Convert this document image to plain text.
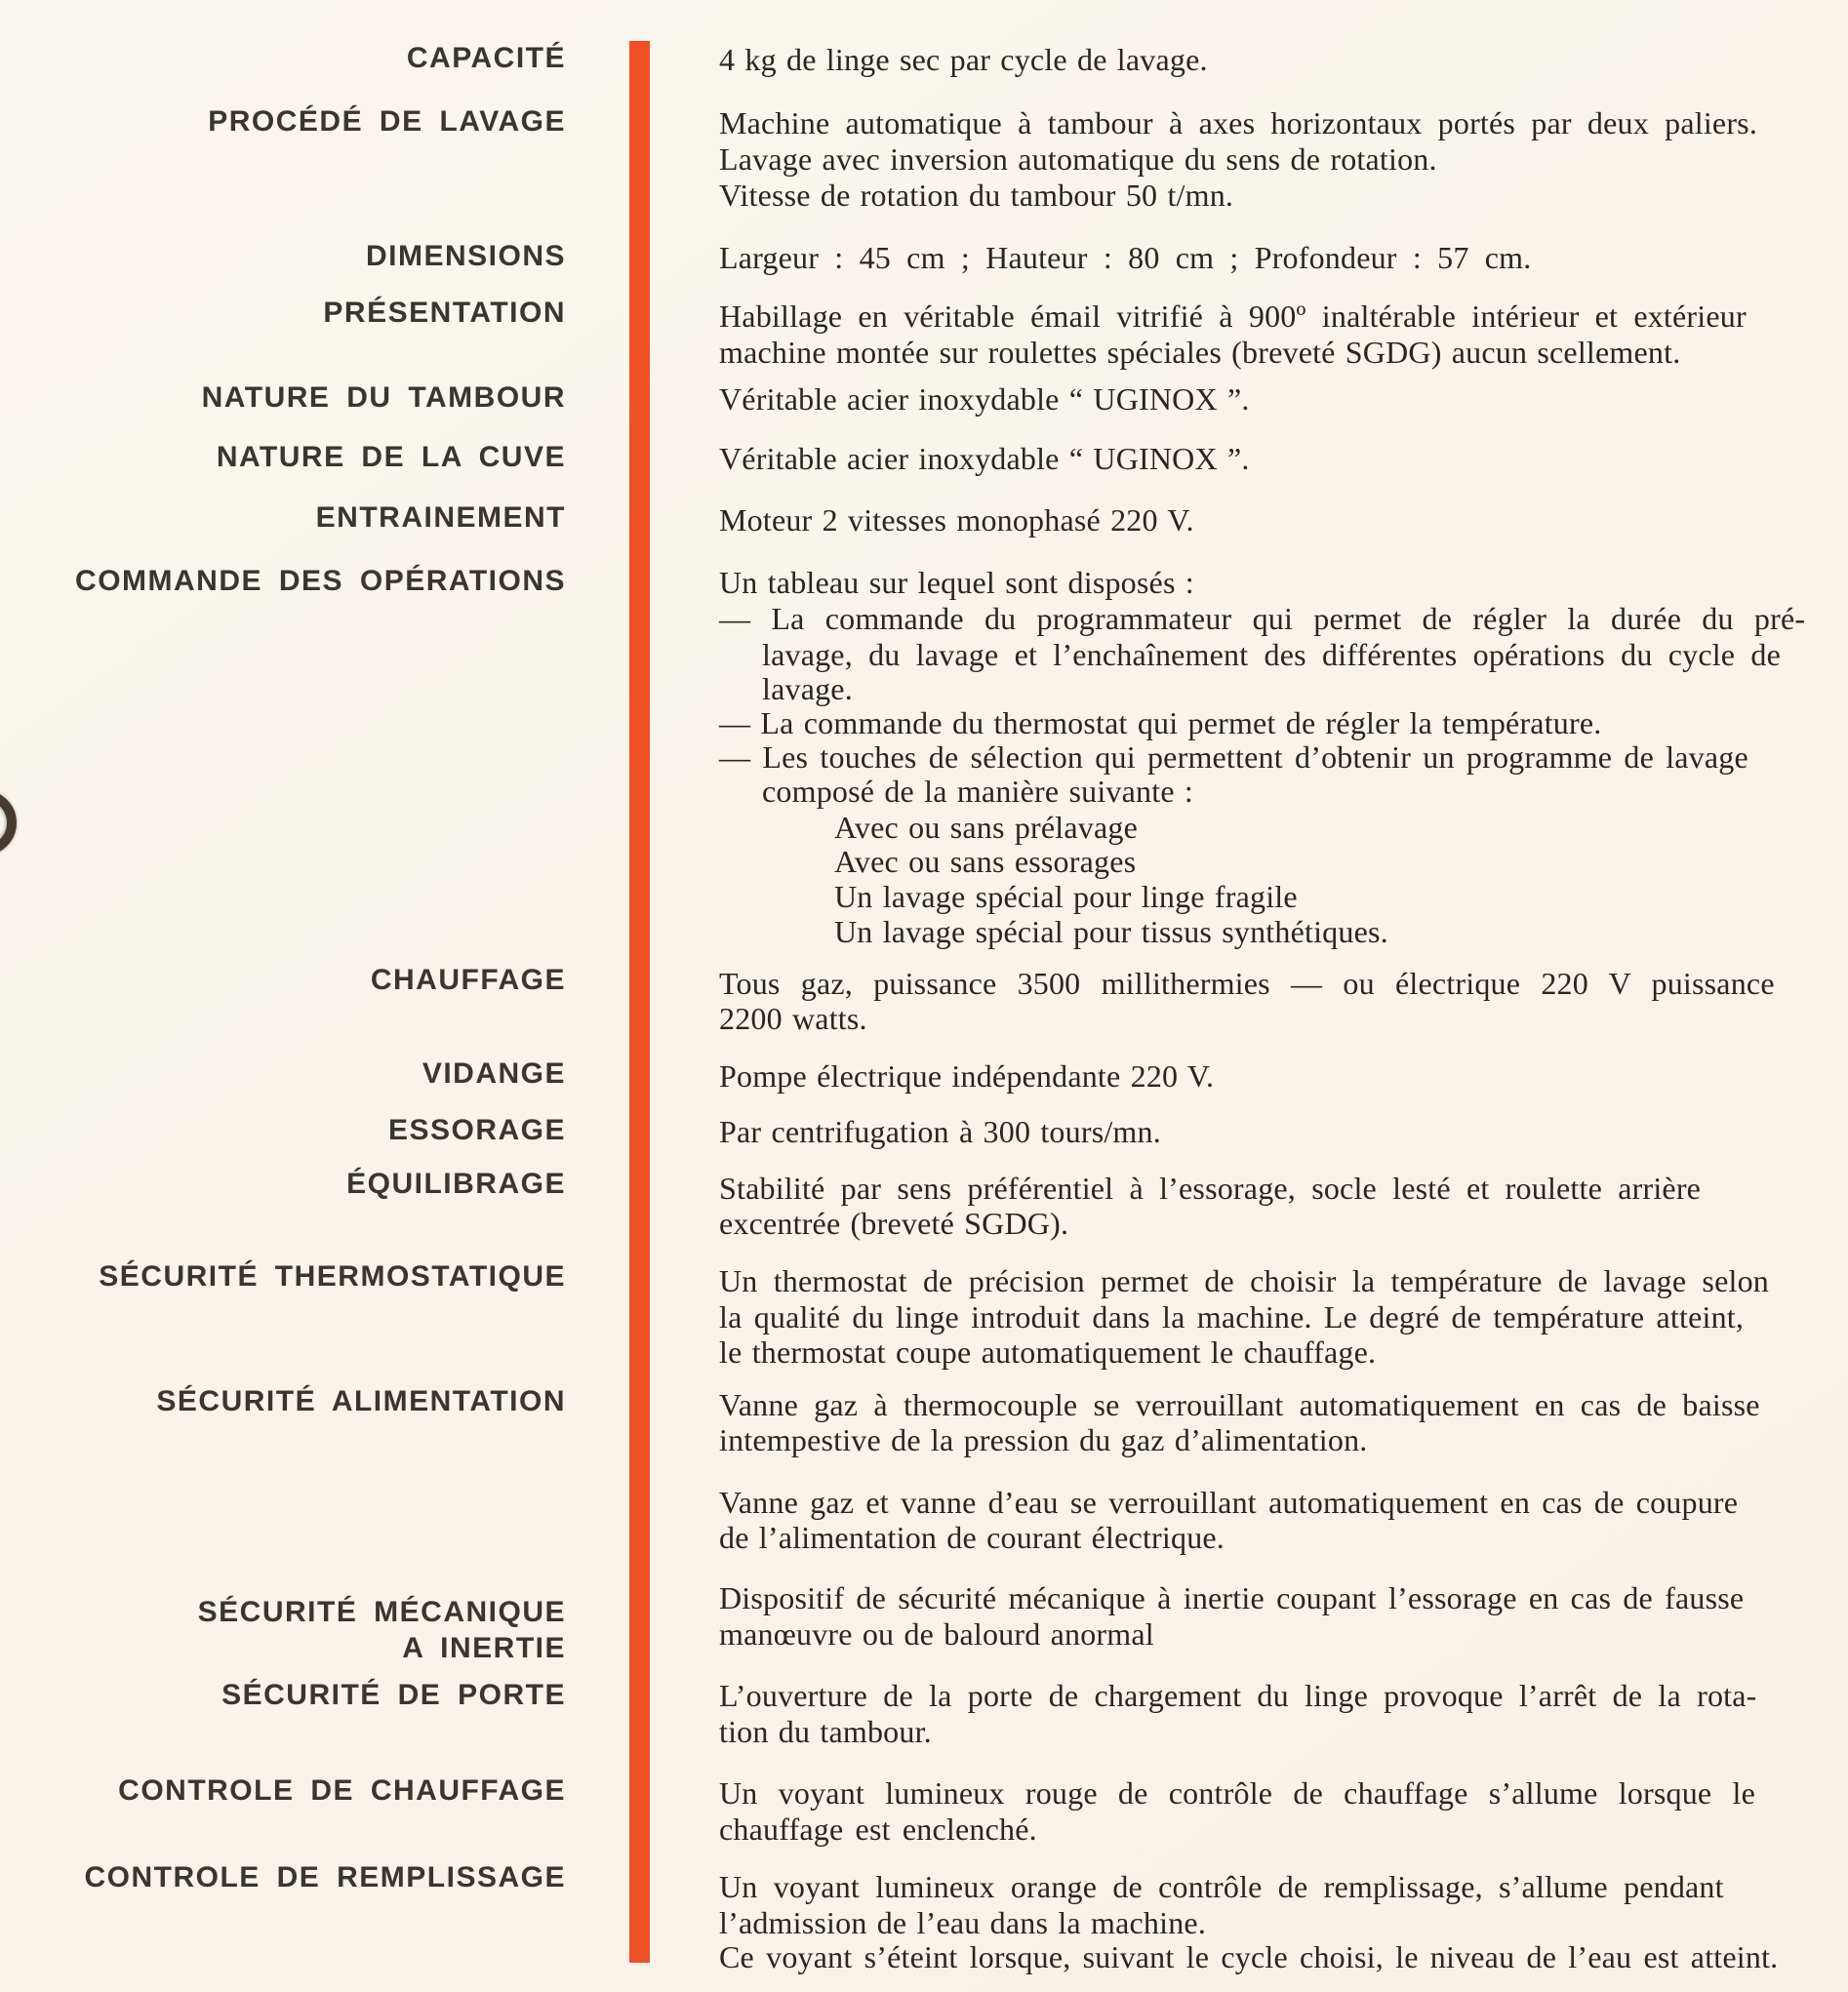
CAPACITÉ
PROCÉDÉ DE LAVAGE
DIMENSIONS
PRÉSENTATION
NATURE DU TAMBOUR
NATURE DE LA CUVE
ENTRAINEMENT
COMMANDE DES OPÉRATIONS
CHAUFFAGE
VIDANGE
ESSORAGE
ÉQUILIBRAGE
SÉCURITÉ THERMOSTATIQUE
SÉCURITÉ ALIMENTATION
SÉCURITÉ MÉCANIQUE
A INERTIE
SÉCURITÉ DE PORTE
CONTROLE DE CHAUFFAGE
CONTROLE DE REMPLISSAGE
4 kg de linge sec par cycle de lavage.
Machine automatique à tambour à axes horizontaux portés par deux paliers.
Lavage avec inversion automatique du sens de rotation.
Vitesse de rotation du tambour 50 t/mn.
Largeur : 45 cm ; Hauteur : 80 cm ; Profondeur : 57 cm.
Habillage en véritable émail vitrifié à 900º inaltérable intérieur et extérieur
machine montée sur roulettes spéciales (breveté SGDG) aucun scellement.
Véritable acier inoxydable “ UGINOX ”.
Véritable acier inoxydable “ UGINOX ”.
Moteur 2 vitesses monophasé 220 V.
Un tableau sur lequel sont disposés :
— La commande du programmateur qui permet de régler la durée du pré-
lavage, du lavage et l’enchaînement des différentes opérations du cycle de
lavage.
— La commande du thermostat qui permet de régler la température.
— Les touches de sélection qui permettent d’obtenir un programme de lavage
composé de la manière suivante :
Avec ou sans prélavage
Avec ou sans essorages
Un lavage spécial pour linge fragile
Un lavage spécial pour tissus synthétiques.
Tous gaz, puissance 3500 millithermies — ou électrique 220 V puissance
2200 watts.
Pompe électrique indépendante 220 V.
Par centrifugation à 300 tours/mn.
Stabilité par sens préférentiel à l’essorage, socle lesté et roulette arrière
excentrée (breveté SGDG).
Un thermostat de précision permet de choisir la température de lavage selon
la qualité du linge introduit dans la machine. Le degré de température atteint,
le thermostat coupe automatiquement le chauffage.
Vanne gaz à thermocouple se verrouillant automatiquement en cas de baisse
intempestive de la pression du gaz d’alimentation.
Vanne gaz et vanne d’eau se verrouillant automatiquement en cas de coupure
de l’alimentation de courant électrique.
Dispositif de sécurité mécanique à inertie coupant l’essorage en cas de fausse
manœuvre ou de balourd anormal
L’ouverture de la porte de chargement du linge provoque l’arrêt de la rota-
tion du tambour.
Un voyant lumineux rouge de contrôle de chauffage s’allume lorsque le
chauffage est enclenché.
Un voyant lumineux orange de contrôle de remplissage, s’allume pendant
l’admission de l’eau dans la machine.
Ce voyant s’éteint lorsque, suivant le cycle choisi, le niveau de l’eau est atteint.
